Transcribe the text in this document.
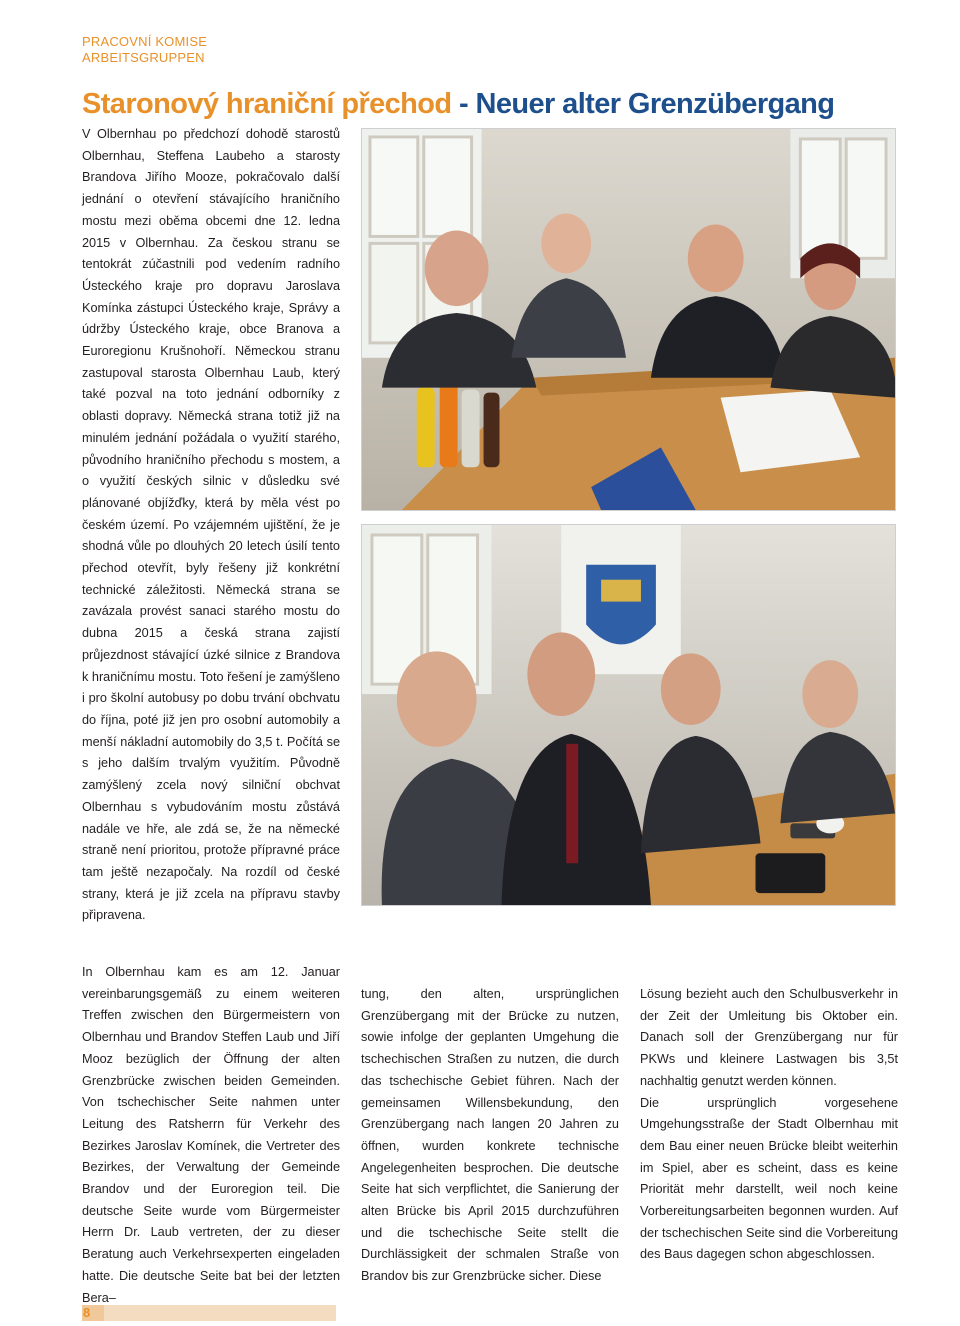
PRACOVNÍ KOMISE
ARBEITSGRUPPEN
Staronový hraniční přechod - Neuer alter Grenzübergang

V Olbernhau po předchozí dohodě starostů Olbernhau, Steffena Laubeho a starosty Brandova Jiřího Mooze, pokračovalo další jednání o otevření stávajícího hraničního mostu mezi oběma obcemi dne 12. ledna 2015 v Olbernhau. Za českou stranu se tentokrát zúčastnili pod vedením radního Ústeckého kraje pro dopravu Jaroslava Komínka zástupci Ústeckého kraje, Správy a údržby Ústeckého kraje, obce Branova a Euroregionu Krušnohoří. Německou stranu zastupoval starosta Olbernhau Laub, který také pozval na toto jednání odborníky z oblasti dopravy. Německá strana totiž již na minulém jednání požádala o využití starého, původního hraničního přechodu s mostem, a o využití českých silnic v důsledku své plánované objížďky, která by měla vést po českém území. Po vzájemném ujištění, že je shodná vůle po dlouhých 20 letech úsilí tento přechod otevřít, byly řešeny již konkrétní technické záležitosti. Německá strana se zavázala provést sanaci starého mostu do dubna 2015 a česká strana zajistí průjezdnost stávající úzké silnice z Brandova k hraničnímu mostu. Toto řešení je zamýšleno i pro školní autobusy po dobu trvání obchvatu do října, poté již jen pro osobní automobily a menší nákladní automobily do 3,5 t. Počítá se s jeho dalším trvalým využitím. Původně zamýšlený zcela nový silniční obchvat Olbernhau s vybudováním mostu zůstává nadále ve hře, ale zdá se, že na německé straně není prioritou, protože přípravné práce tam ještě nezapočaly. Na rozdíl od české strany, která je již zcela na přípravu stavby připravena.

In Olbernhau kam es am 12. Januar vereinbarungsgemäß zu einem weiteren Treffen zwischen den Bürgermeistern von Olbernhau und Brandov Steffen Laub und Jiří Mooz bezüglich der Öffnung der alten Grenzbrücke zwischen beiden Gemeinden. Von tschechischer Seite nahmen unter Leitung des Ratsherrn für Verkehr des Bezirkes Jaroslav Komínek, die Vertreter des Bezirkes, der Verwaltung der Gemeinde Brandov und der Euroregion teil. Die deutsche Seite wurde vom Bürgermeister Herrn Dr. Laub vertreten, der zu dieser Beratung auch Verkehrsexperten eingeladen hatte. Die deutsche Seite bat bei der letzten Bera–

tung, den alten, ursprünglichen Grenzübergang mit der Brücke zu nutzen, sowie infolge der geplanten Umgehung die tschechischen Straßen zu nutzen, die durch das tschechische Gebiet führen. Nach der gemeinsamen Willensbekundung, den Grenzübergang nach langen 20 Jahren zu öffnen, wurden konkrete technische Angelegenheiten besprochen. Die deutsche Seite hat sich verpflichtet, die Sanierung der alten Brücke bis April 2015 durchzuführen und die tschechische Seite stellt die Durchlässigkeit der schmalen Straße von Brandov bis zur Grenzbrücke sicher. Diese

Lösung bezieht auch den Schulbusverkehr in der Zeit der Umleitung bis Oktober ein. Danach soll der Grenzübergang nur für PKWs und kleinere Lastwagen bis 3,5t nachhaltig genutzt werden können.

Die ursprünglich vorgesehene Umgehungsstraße der Stadt Olbernhau mit dem Bau einer neuen Brücke bleibt weiterhin im Spiel, aber es scheint, dass es keine Priorität mehr darstellt, weil noch keine Vorbereitungsarbeiten begonnen wurden. Auf der tschechischen Seite sind die Vorbereitung des Baus dagegen schon abgeschlossen.

8
